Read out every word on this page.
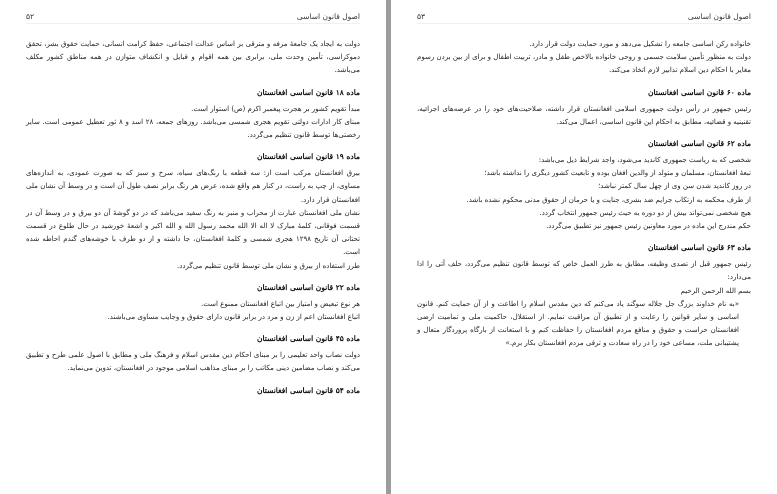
اصول قانون اساسی
۵۲

دولت به ایجاد یک جامعهٔ مرفه و مترقی بر اساس عدالت اجتماعی، حفظ کرامت انسانی، حمایت حقوق بشر، تحقق دموکراسی، تأمین وحدت ملی، برابری بین همه اقوام و قبایل و انکشاف متوازن در همه مناطق کشور مکلف می‌باشد.

ماده ۱۸ قانون اساسی افغانستان

مبدأ تقویم کشور بر هجرت پیغمبر اکرم (ص) استوار است.

مبنای کار ادارات دولتی تقویم هجری شمسی می‌باشد. روزهای جمعه، ۲۸ اسد و ۸ ثور تعطیل عمومی است. سایر رخصتی‌ها توسط قانون تنظیم می‌گردد.

ماده ۱۹ قانون اساسی افغانستان

بیرق افغانستان مرکب است از: سه قطعه با رنگ‌های سیاه، سرخ و سبز که به صورت عمودی، به اندازه‌های مساوی، از چپ به راست، در کنار هم واقع شده، عرض هر رنگ برابر نصف طول آن است و در وسط آن نشان ملی افغانستان قرار دارد.

نشان ملی افغانستان عبارت از محراب و منبر به رنگ سفید می‌باشد که در دو گوشهٔ آن دو بیرق و در وسط آن در قسمت فوقانی، کلمهٔ مبارک لا اله الا الله محمد رسول الله و الله اکبر و اشعهٔ خورشید در حال طلوع در قسمت تحتانی آن تاریخ ۱۲۹۸ هجری شمسی و کلمهٔ افغانستان، جا داشته و از دو طرف با خوشه‌های گندم احاطه شده است.

طرز استفاده از بیرق و نشان ملی توسط قانون تنظیم می‌گردد.

ماده ۲۲ قانون اساسی افغانستان

هر نوع تبعیض و امتیاز بین اتباع افغانستان ممنوع است.

اتباع افغانستان اعم از زن و مرد در برابر قانون دارای حقوق و وجایب مساوی می‌باشند.

ماده ۴۵ قانون اساسی افغانستان

دولت نصاب واحد تعلیمی را بر مبنای احکام دین مقدس اسلام و فرهنگ ملی و مطابق با اصول علمی طرح و تطبیق می‌کند و نصاب مضامین دینی مکاتب را بر مبنای مذاهب اسلامی موجود در افغانستان، تدوین می‌نماید.

ماده ۵۴ قانون اساسی افغانستان
اصول قانون اساسی
۵۳

خانواده رکن اساسی جامعه را تشکیل می‌دهد و مورد حمایت دولت قرار دارد.

دولت به منظور تأمین سلامت جسمی و روحی خانواده بالاخص طفل و مادر، تربیت اطفال و برای از بین بردن رسوم مغایر با احکام دین اسلام تدابیر لازم اتخاذ می‌کند.

ماده ۶۰ قانون اساسی افغانستان

رئیس جمهور در رأس دولت جمهوری اسلامی افغانستان قرار داشته، صلاحیت‌های خود را در عرصه‌های اجرائیه، تقنینیه و قضائیه، مطابق به احکام این قانون اساسی، اعمال می‌کند.

ماده ۶۲ قانون اساسی افغانستان

شخصی که به ریاست جمهوری کاندید می‌شود، واجد شرایط ذیل می‌باشد:

تبعهٔ افغانستان، مسلمان و متولد از والدین افغان بوده و تابعیت کشور دیگری را نداشته باشد؛

در روز کاندید شدن سن وی از چهل سال کمتر نباشد؛

از طرف محکمه به ارتکاب جرایم ضد بشری، جنایت و یا حرمان از حقوق مدنی محکوم نشده باشد.

هیچ شخصی نمی‌تواند بیش از دو دوره به حیث رئیس جمهور انتخاب گردد.

حکم مندرج این ماده در مورد معاونین رئیس جمهور نیز تطبیق می‌گردد.

ماده ۶۳ قانون اساسی افغانستان

رئیس جمهور قبل از تصدی وظیفه، مطابق به طرز العمل خاص که توسط قانون تنظیم می‌گردد، حلف آتی را ادا می‌دارد:

بسم الله الرحمن الرحیم

«به نام خداوند بزرگ جل جلاله سوگند یاد می‌کنم که دین مقدس اسلام را اطاعت و از آن حمایت کنم. قانون اساسی و سایر قوانین را رعایت و از تطبیق آن مراقبت نمایم. از استقلال، حاکمیت ملی و تمامیت ارضی افغانستان حراست و حقوق و منافع مردم افغانستان را حفاظت کنم و با استعانت از بارگاه پروردگار متعال و پشتیبانی ملت، مساعی خود را در راه سعادت و ترقی مردم افغانستان بکار برم.»
